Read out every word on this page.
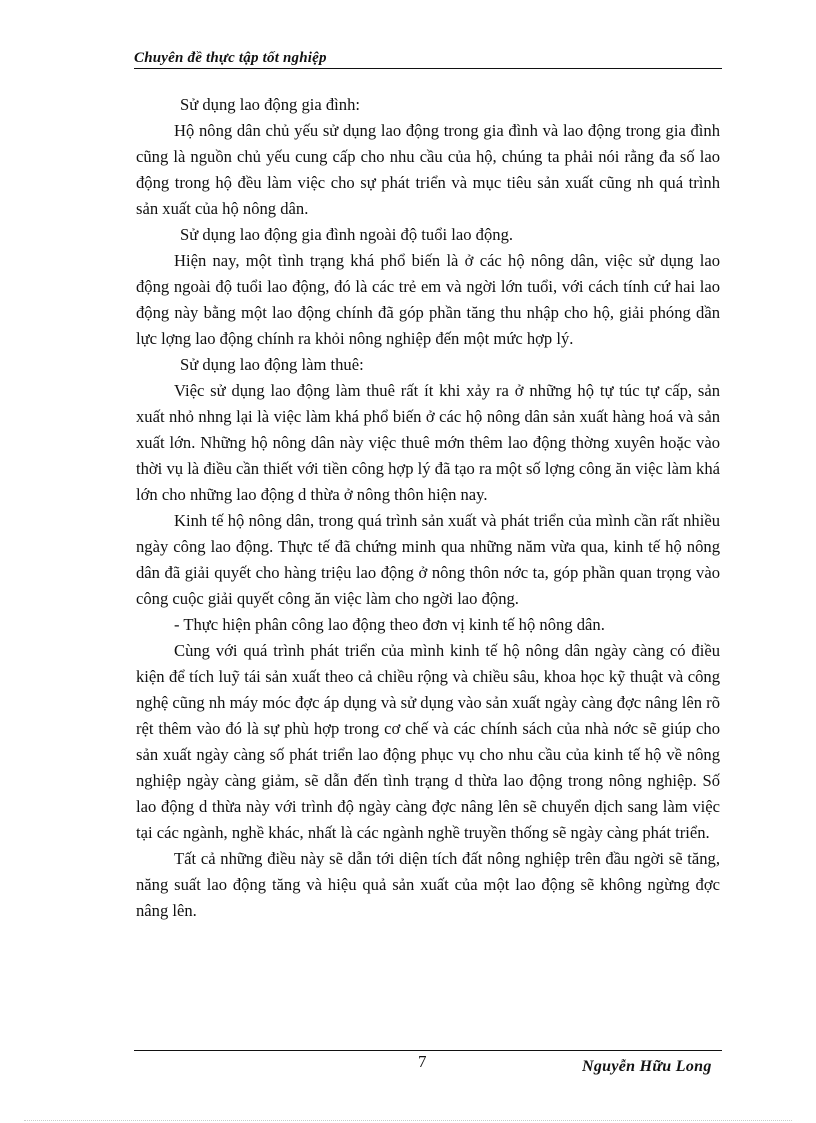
Chuyên đề thực tập tốt nghiệp

Sử dụng lao động gia đình:

Hộ nông dân chủ yếu sử dụng lao động trong gia đình và lao động trong gia đình cũng là nguồn chủ yếu cung cấp cho nhu cầu của hộ, chúng ta phải nói rằng đa số lao động trong hộ đều làm việc cho sự phát triển và mục tiêu sản xuất cũng nh quá trình sản xuất của hộ nông dân.

Sử dụng lao động gia đình ngoài độ tuổi lao động.

Hiện nay, một tình trạng khá phổ biến là ở các hộ nông dân, việc sử dụng lao động ngoài độ tuổi lao động, đó là các trẻ em và ngời lớn tuổi, với cách tính cứ hai lao động này bằng một lao động chính đã góp phần tăng thu nhập cho hộ, giải phóng dần lực lợng lao động chính ra khỏi nông nghiệp đến một mức hợp lý.

Sử dụng lao động làm thuê:

Việc sử dụng lao động làm thuê rất ít khi xảy ra ở những hộ tự túc tự cấp, sản xuất nhỏ nhng lại là việc làm khá phổ biến ở các hộ nông dân sản xuất hàng hoá và sản xuất lớn. Những hộ nông dân này việc thuê mớn thêm lao động thờng xuyên hoặc vào thời vụ là điều cần thiết với tiền công hợp lý đã tạo ra một số lợng công ăn việc làm khá lớn cho những lao động d thừa ở nông thôn hiện nay.

Kinh tế hộ nông dân, trong quá trình sản xuất và phát triển của mình cần rất nhiều ngày công lao động. Thực tế đã chứng minh qua những năm vừa qua, kinh tế hộ nông dân đã giải quyết cho hàng triệu lao động ở nông thôn nớc ta, góp phần quan trọng vào công cuộc giải quyết công ăn việc làm cho ngời lao động.

- Thực hiện phân công lao động theo đơn vị kinh tế hộ nông dân.

Cùng với quá trình phát triển của mình kinh tế hộ nông dân ngày càng có điều kiện để tích luỹ tái sản xuất theo cả chiều rộng và chiều sâu, khoa học kỹ thuật và công nghệ cũng nh máy móc đợc áp dụng và sử dụng vào sản xuất ngày càng đợc nâng lên rõ rệt thêm vào đó là sự phù hợp trong cơ chế và các chính sách của nhà nớc sẽ giúp cho sản xuất ngày càng số phát triển lao động phục vụ cho nhu cầu của kinh tế hộ về nông nghiệp ngày càng giảm, sẽ dẫn đến tình trạng d thừa lao động trong nông nghiệp. Số lao động d thừa này với trình độ ngày càng đợc nâng lên sẽ chuyển dịch sang làm việc tại các ngành, nghề khác, nhất là các ngành nghề truyền thống sẽ ngày càng phát triển.

Tất cả những điều này sẽ dẫn tới diện tích đất nông nghiệp trên đầu ngời sẽ tăng, năng suất lao động tăng và hiệu quả sản xuất của một lao động sẽ không ngừng đợc nâng lên.

7	Nguyễn Hữu Long
